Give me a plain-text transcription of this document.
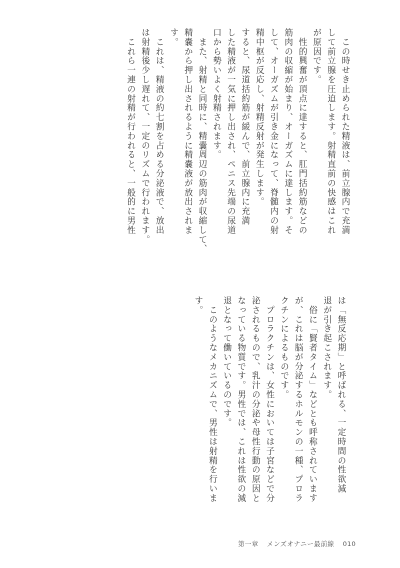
　この時せき止められた精液は、前立腺内で充満
して前立腺を圧迫します。射精直前の快感はこれ
が原因です。
　性的興奮が頂点に達すると、肛門括約筋などの
筋肉の収縮が始まり、オーガズムに達します。そ
して、オーガズムが引き金になって、脊髄内の射
精中枢が反応し、射精反射が発生します。
すると、尿道括約筋が緩んで、前立腺内に充満
した精液が一気に押し出され、ペニス先端の尿道
口から勢いよく射精されます。
　また、射精と同時に、精嚢周辺の筋肉が収縮して、
精嚢から押し出されるように精嚢液が放出されま
す。
　これは、精液の約七割を占める分泌液で、放出
は射精後少し遅れて、一定のリズムで行われます。
　これら一連の射精が行われると、一般的に男性
は「無反応期」と呼ばれる、一定時間の性欲減
退が引き起こされます。
　俗に「賢者タイム」などとも呼称されています
が、これは脳が分泌するホルモンの一種、プロラ
クチンによるものです。
　プロラクチンは、女性においては子宮などで分
泌されるもので、乳汁の分泌や母性行動の原因と
なっている物質です。男性では、これは性欲の減
退となって働いているのです。
　このようなメカニズムで、男性は射精を行いま
す。
第一章 メンズオナニー最前線 010
